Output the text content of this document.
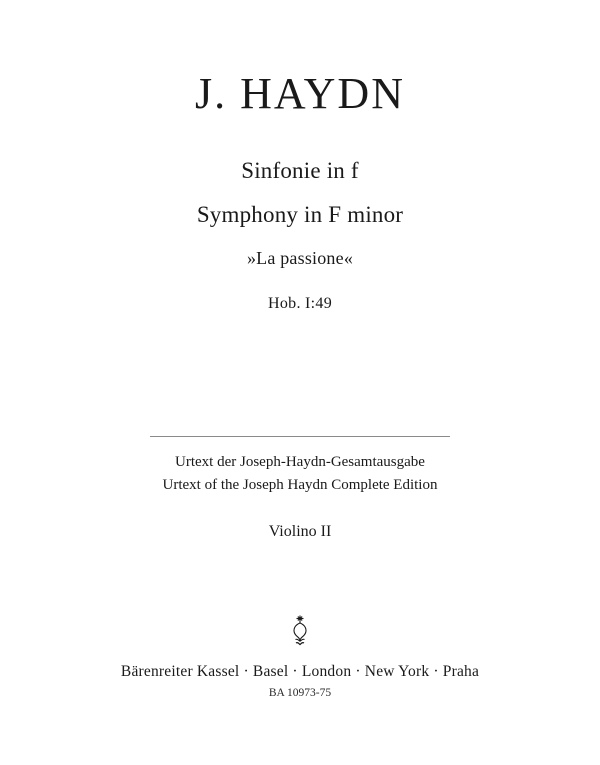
J. HAYDN
Sinfonie in f
Symphony in F minor
»La passione«
Hob. I:49
Urtext der Joseph-Haydn-Gesamtausgabe
Urtext of the Joseph Haydn Complete Edition
Violino II
Bärenreiter Kassel · Basel · London · New York · Praha
BA 10973-75
